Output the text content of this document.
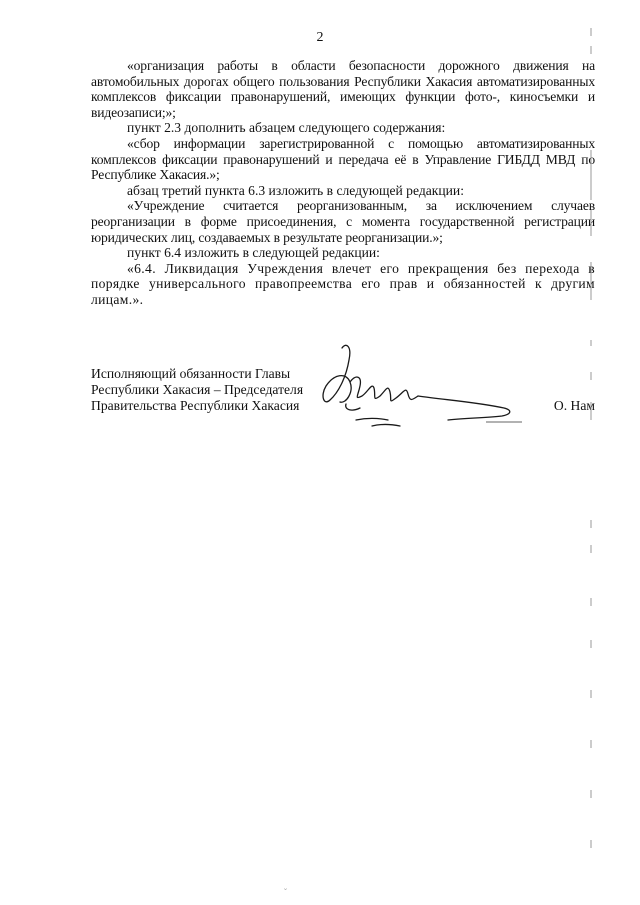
2

«организация работы в области безопасности дорожного движения на автомобильных дорогах общего пользования Республики Хакасия автоматизированных комплексов фиксации правонарушений, имеющих функции фото-, киносъемки и видеозаписи;»;

пункт 2.3 дополнить абзацем следующего содержания:

«сбор информации зарегистрированной с помощью автоматизированных комплексов фиксации правонарушений и передача её в Управление ГИБДД МВД по Республике Хакасия.»;

абзац третий пункта 6.3 изложить в следующей редакции:

«Учреждение считается реорганизованным, за исключением случаев реорганизации в форме присоединения, с момента государственной регистрации юридических лиц, создаваемых в результате реорганизации.»;

пункт 6.4 изложить в следующей редакции:

«6.4. Ликвидация Учреждения влечет его прекращения без перехода в порядке универсального правопреемства его прав и обязанностей к другим лицам.».

Исполняющий обязанности Главы
Республики Хакасия – Председателя
Правительства Республики Хакасия	О. Нам
˘
